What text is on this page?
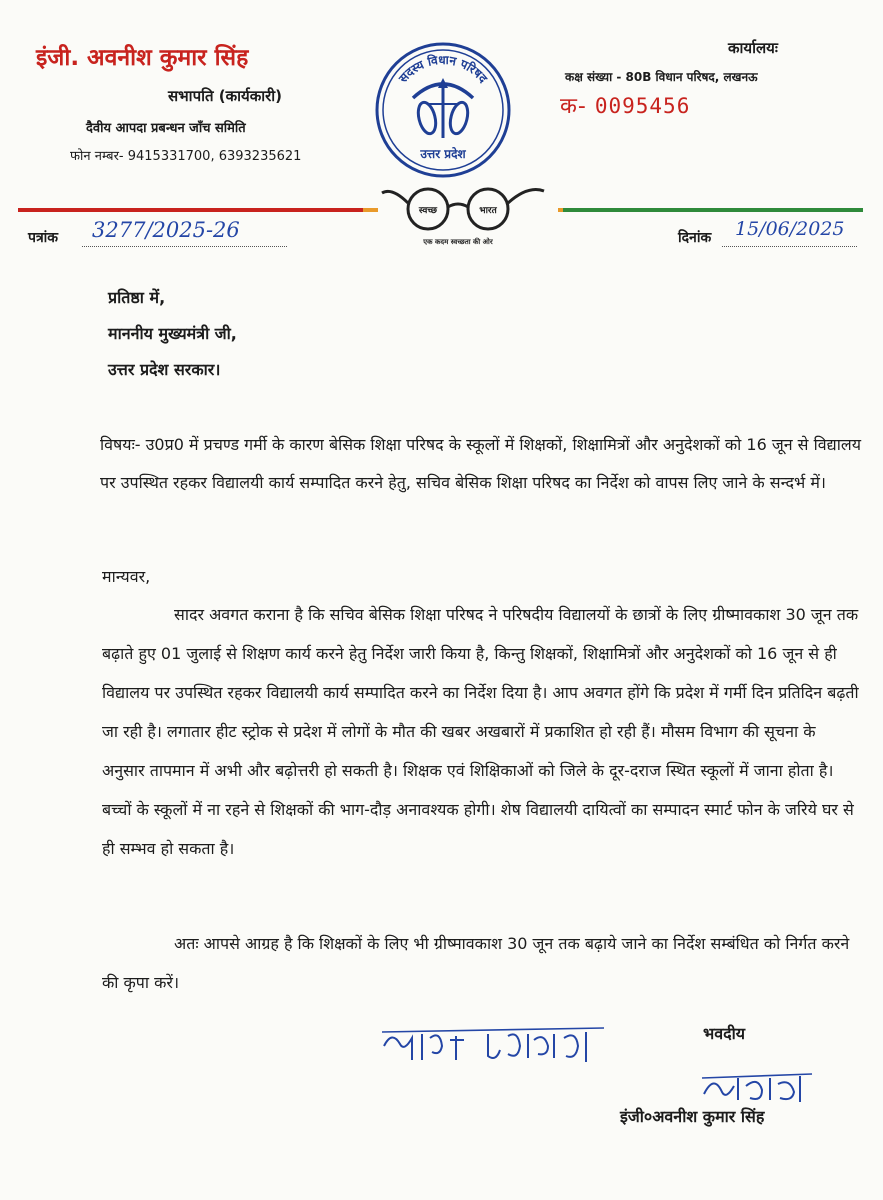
इंजी. अवनीश कुमार सिंह
सभापति (कार्यकारी)
दैवीय आपदा प्रबन्धन जाँच समिति
फोन नम्बर- 9415331700, 6393235621
सदस्य विधान परिषद
उत्तर प्रदेश
कार्यालयः
कक्ष संख्या - 80B विधान परिषद, लखनऊ
क- 0095456
स्वच्छ	भारत
एक कदम स्वच्छता की ओर
पत्रांक 3277/2025-26	दिनांक 15/06/2025
प्रतिष्ठा में,
माननीय मुख्यमंत्री जी,
उत्तर प्रदेश सरकार।
विषयः- उ0प्र0 में प्रचण्ड गर्मी के कारण बेसिक शिक्षा परिषद के स्कूलों में शिक्षकों, शिक्षामित्रों और अनुदेशकों को 16 जून से विद्यालय पर उपस्थित रहकर विद्यालयी कार्य सम्पादित करने हेतु, सचिव बेसिक शिक्षा परिषद का निर्देश को वापस लिए जाने के सन्दर्भ में।
मान्यवर,
सादर अवगत कराना है कि सचिव बेसिक शिक्षा परिषद ने परिषदीय विद्यालयों के छात्रों के लिए ग्रीष्मावकाश 30 जून तक बढ़ाते हुए 01 जुलाई से शिक्षण कार्य करने हेतु निर्देश जारी किया है, किन्तु शिक्षकों, शिक्षामित्रों और अनुदेशकों को 16 जून से ही विद्यालय पर उपस्थित रहकर विद्यालयी कार्य सम्पादित करने का निर्देश दिया है। आप अवगत होंगे कि प्रदेश में गर्मी दिन प्रतिदिन बढ़ती जा रही है। लगातार हीट स्ट्रोक से प्रदेश में लोगों के मौत की खबर अखबारों में प्रकाशित हो रही हैं। मौसम विभाग की सूचना के अनुसार तापमान में अभी और बढ़ोत्तरी हो सकती है। शिक्षक एवं शिक्षिकाओं को जिले के दूर-दराज स्थित स्कूलों में जाना होता है। बच्चों के स्कूलों में ना रहने से शिक्षकों की भाग-दौड़ अनावश्यक होगी। शेष विद्यालयी दायित्वों का सम्पादन स्मार्ट फोन के जरिये घर से ही सम्भव हो सकता है।
अतः आपसे आग्रह है कि शिक्षकों के लिए भी ग्रीष्मावकाश 30 जून तक बढ़ाये जाने का निर्देश सम्बंधित को निर्गत करने की कृपा करें।
भवदीय
इंजी०अवनीश कुमार सिंह
